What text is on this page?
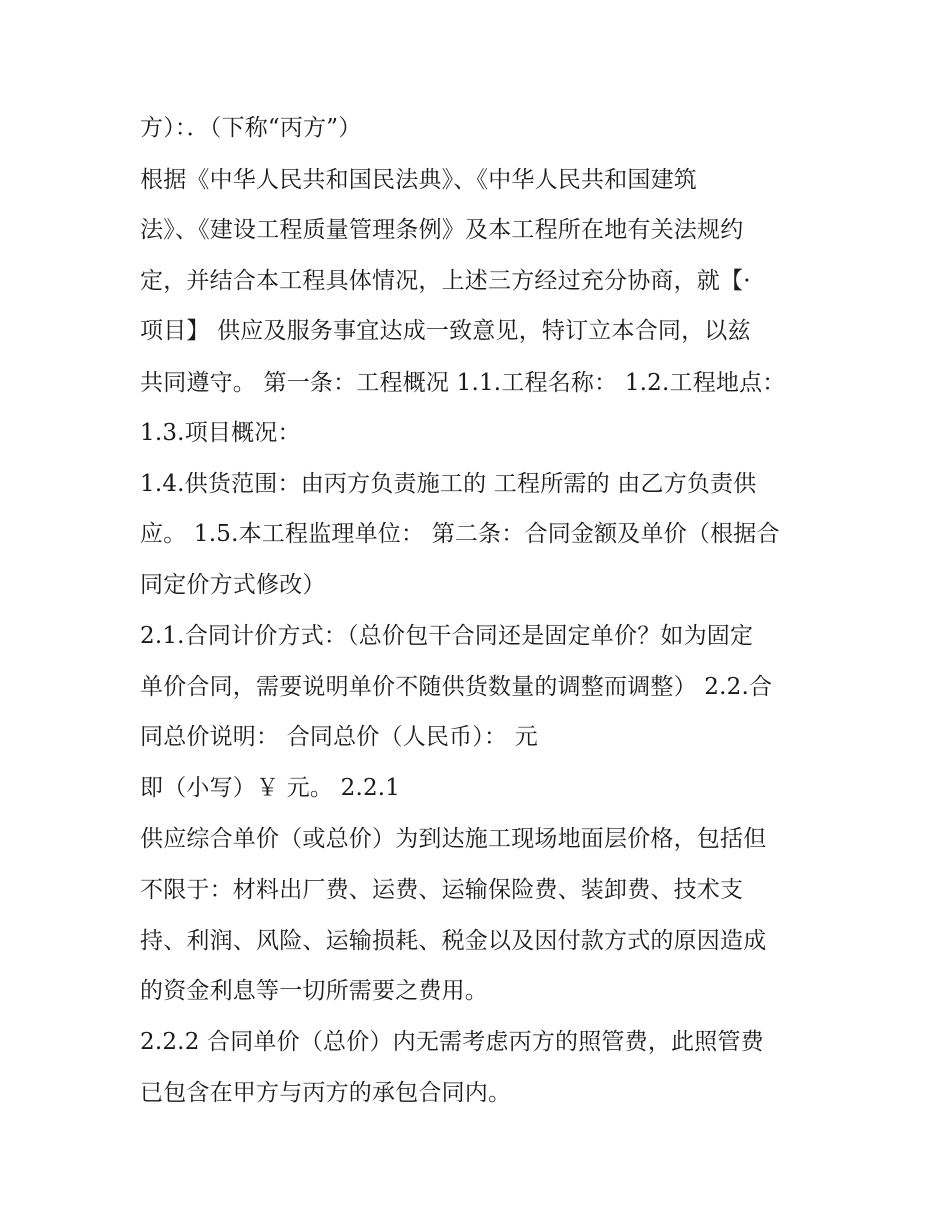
方）：．（下称“丙方”）
根据《中华人民共和国民法典》、《中华人民共和国建筑
法》、《建设工程质量管理条例》及本工程所在地有关法规约
定，并结合本工程具体情况，上述三方经过充分协商，就【·
项目】 供应及服务事宜达成一致意见，特订立本合同，以兹
共同遵守。 第一条：工程概况 1.1.工程名称： 1.2.工程地点：
1.3.项目概况：
1.4.供货范围：由丙方负责施工的 工程所需的 由乙方负责供
应。 1.5.本工程监理单位： 第二条：合同金额及单价（根据合
同定价方式修改）
2.1.合同计价方式：（总价包干合同还是固定单价？如为固定
单价合同，需要说明单价不随供货数量的调整而调整） 2.2.合
同总价说明： 合同总价（人民币）： 元
即（小写）￥ 元。 2.2.1
供应综合单价（或总价）为到达施工现场地面层价格，包括但
不限于：材料出厂费、运费、运输保险费、装卸费、技术支
持、利润、风险、运输损耗、税金以及因付款方式的原因造成
的资金利息等一切所需要之费用。
2.2.2 合同单价（总价）内无需考虑丙方的照管费，此照管费
已包含在甲方与丙方的承包合同内。
